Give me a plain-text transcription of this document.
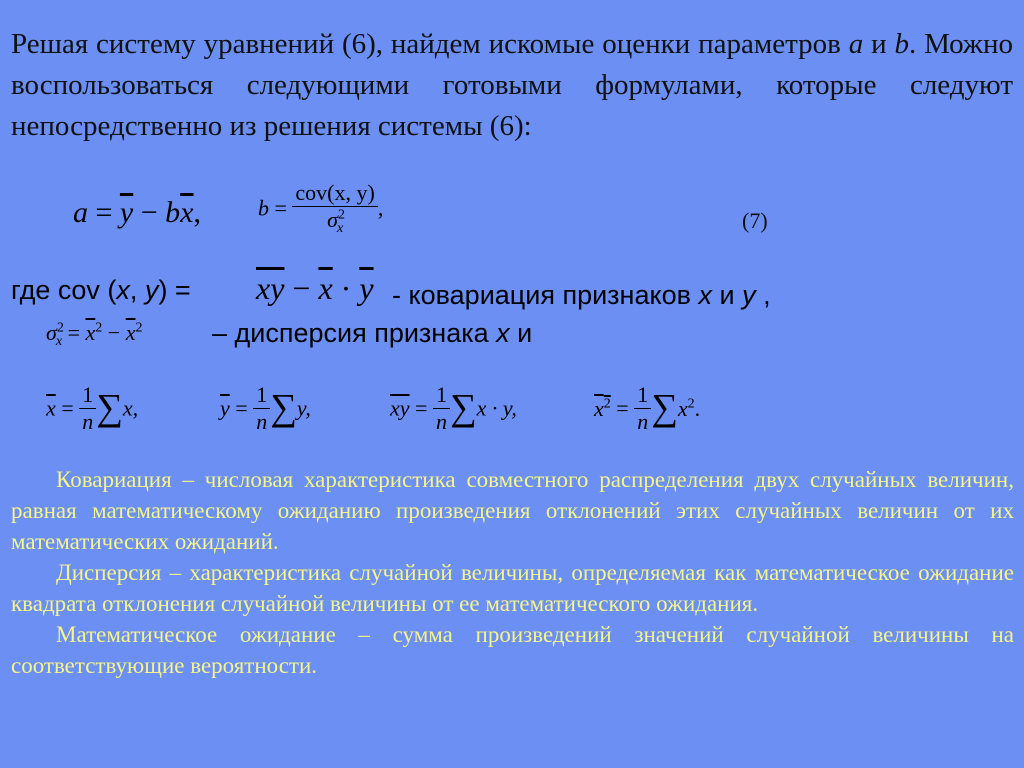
Решая систему уравнений (6), найдем искомые оценки параметров a и b. Можно воспользоваться следующими готовыми формулами, которые следуют непосредственно из решения системы (6):
$a = \overline{y} - b\overline{x}$,	$b = \frac{\text{cov(x, y)}}{\sigma^2_x}$ ,	(7)
где cov (x, $y) = \overline{xy} - \overline{x} \cdot \overline{y}$ - ковариация признаков x и y ,
$\sigma^2_x = \overline{x}^2 - \overline{x}^2$	– дисперсия признака x и
$\overline{x} = \frac{1}{n} \sum x$,	$\overline{y} = \frac{1}{n} \sum y$,	$\overline{xy} = \frac{1}{n} \sum x \cdot y$,	$x^2 = \frac{1}{n} \sum x^2$.

Ковариация – числовая характеристика совместного распределения двух случайных величин, равная математическому ожиданию произведения отклонений этих случайных величин от их математических ожиданий.

Дисперсия – характеристика случайной величины, определяемая как математическое ожидание квадрата отклонения случайной величины от ее математического ожидания.

Математическое ожидание – сумма произведений значений случайной величины на соответствующие вероятности.
